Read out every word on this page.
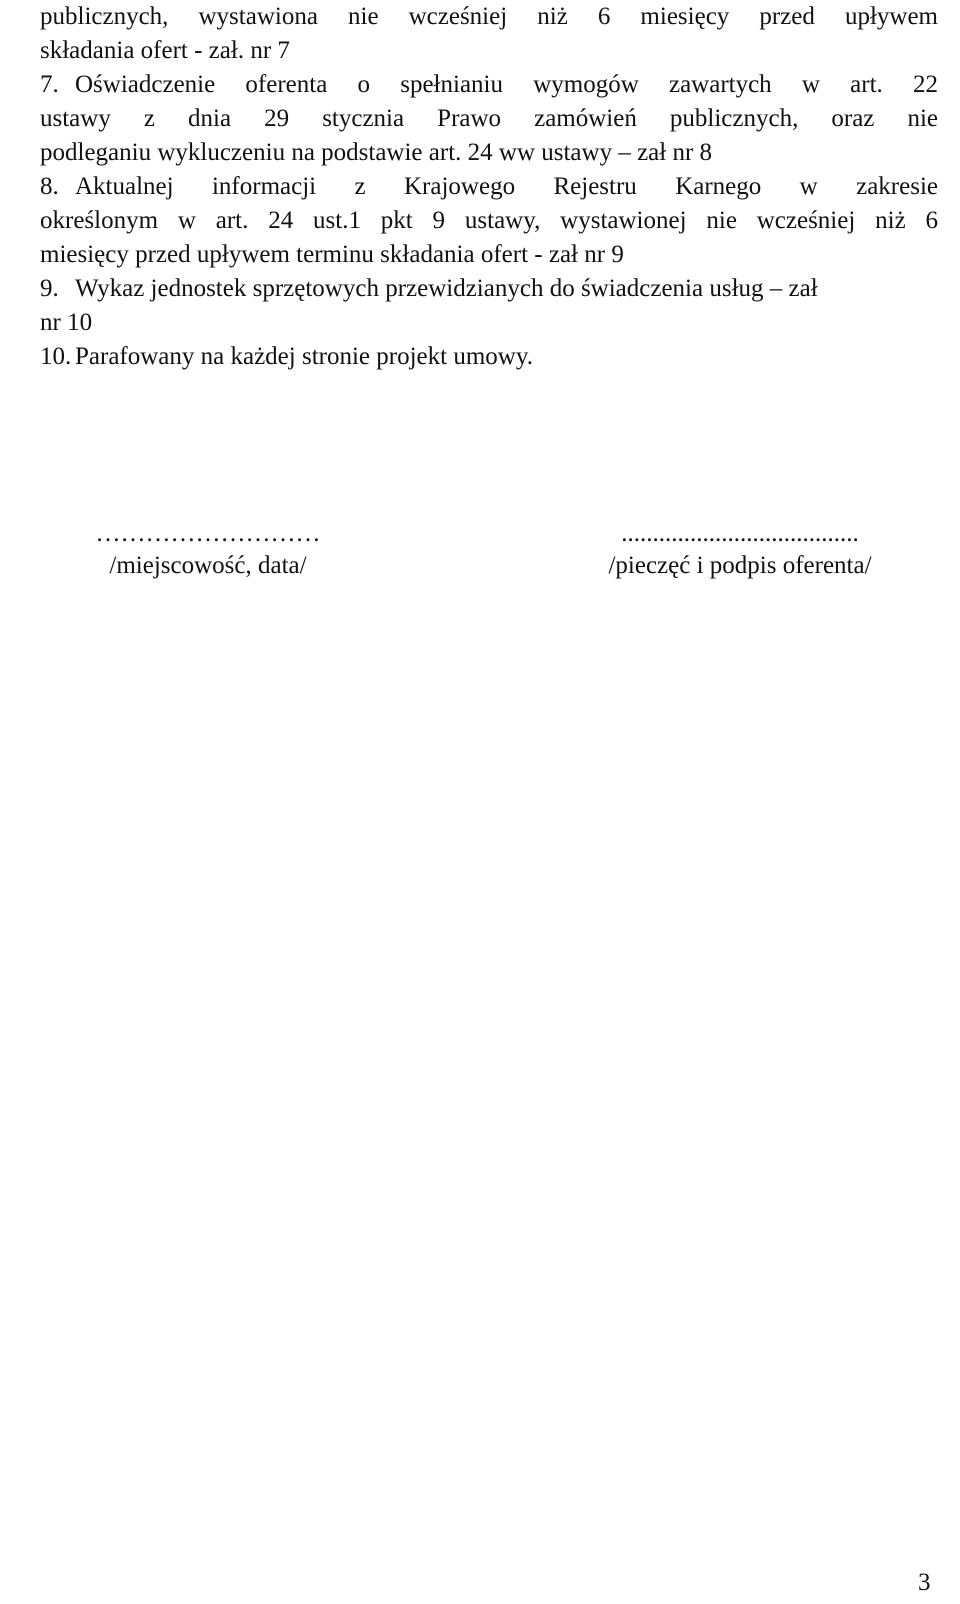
publicznych, wystawiona nie wcześniej niż 6 miesięcy przed upływem
składania ofert - zał. nr 7
7. Oświadczenie oferenta o spełnianiu wymogów zawartych w art. 22
ustawy z dnia 29 stycznia Prawo zamówień publicznych, oraz nie
podleganiu wykluczeniu na podstawie art. 24 ww ustawy – zał nr 8
8. Aktualnej informacji z Krajowego Rejestru Karnego w zakresie
określonym w art. 24 ust.1 pkt 9 ustawy, wystawionej nie wcześniej niż 6
miesięcy przed upływem terminu składania ofert - zał nr 9
9. Wykaz jednostek sprzętowych przewidzianych do świadczenia usług – zał
nr 10
10. Parafowany na każdej stronie projekt umowy.
………………………
/miejscowość, data/
......................................
/pieczęć i podpis oferenta/
3
